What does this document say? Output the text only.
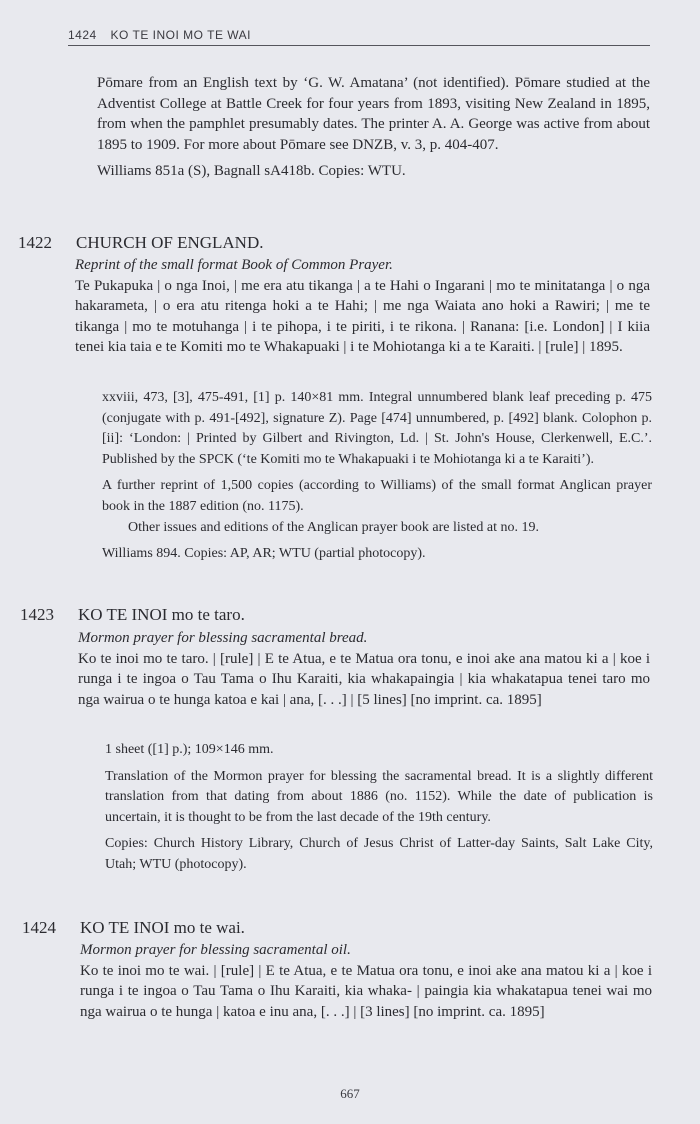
1424 KO TE INOI MO TE WAI

Pōmare from an English text by ‘G. W. Amatana’ (not identified). Pōmare studied at the Adventist College at Battle Creek for four years from 1893, visiting New Zealand in 1895, from when the pamphlet presumably dates. The printer A. A. George was active from about 1895 to 1909. For more about Pōmare see DNZB, v. 3, p. 404-407.

Williams 851a (S), Bagnall sA418b. Copies: WTU.

1422 CHURCH OF ENGLAND.

Reprint of the small format Book of Common Prayer.

Te Pukapuka | o nga Inoi, | me era atu tikanga | a te Hahi o Ingarani | mo te minitatanga | o nga hakarameta, | o era atu ritenga hoki a te Hahi; | me nga Waiata ano hoki a Rawiri; | me te tikanga | mo te motuhanga | i te pihopa, i te piriti, i te rikona. | Ranana: [i.e. London] | I kiia tenei kia taia e te Komiti mo te Whakapuaki | i te Mohiotanga ki a te Karaiti. | [rule] | 1895.

xxviii, 473, [3], 475-491, [1] p. 140×81 mm. Integral unnumbered blank leaf preceding p. 475 (conjugate with p. 491-[492], signature Z). Page [474] unnumbered, p. [492] blank. Colophon p. [ii]: ‘London: | Printed by Gilbert and Rivington, Ld. | St. John's House, Clerkenwell, E.C.’. Published by the SPCK (‘te Komiti mo te Whakapuaki i te Mohiotanga ki a te Karaiti’).

A further reprint of 1,500 copies (according to Williams) of the small format Anglican prayer book in the 1887 edition (no. 1175).

Other issues and editions of the Anglican prayer book are listed at no. 19.

Williams 894. Copies: AP, AR; WTU (partial photocopy).

1423 KO TE INOI mo te taro.

Mormon prayer for blessing sacramental bread.

Ko te inoi mo te taro. | [rule] | E te Atua, e te Matua ora tonu, e inoi ake ana matou ki a | koe i runga i te ingoa o Tau Tama o Ihu Karaiti, kia whakapaingia | kia whakatapua tenei taro mo nga wairua o te hunga katoa e kai | ana, [. . .] | [5 lines] [no imprint. ca. 1895]

1 sheet ([1] p.); 109×146 mm.

Translation of the Mormon prayer for blessing the sacramental bread. It is a slightly different translation from that dating from about 1886 (no. 1152). While the date of publication is uncertain, it is thought to be from the last decade of the 19th century.

Copies: Church History Library, Church of Jesus Christ of Latter-day Saints, Salt Lake City, Utah; WTU (photocopy).

1424 KO TE INOI mo te wai.

Mormon prayer for blessing sacramental oil.

Ko te inoi mo te wai. | [rule] | E te Atua, e te Matua ora tonu, e inoi ake ana matou ki a | koe i runga i te ingoa o Tau Tama o Ihu Karaiti, kia whaka- | paingia kia whakatapua tenei wai mo nga wairua o te hunga | katoa e inu ana, [. . .] | [3 lines] [no imprint. ca. 1895]

667
